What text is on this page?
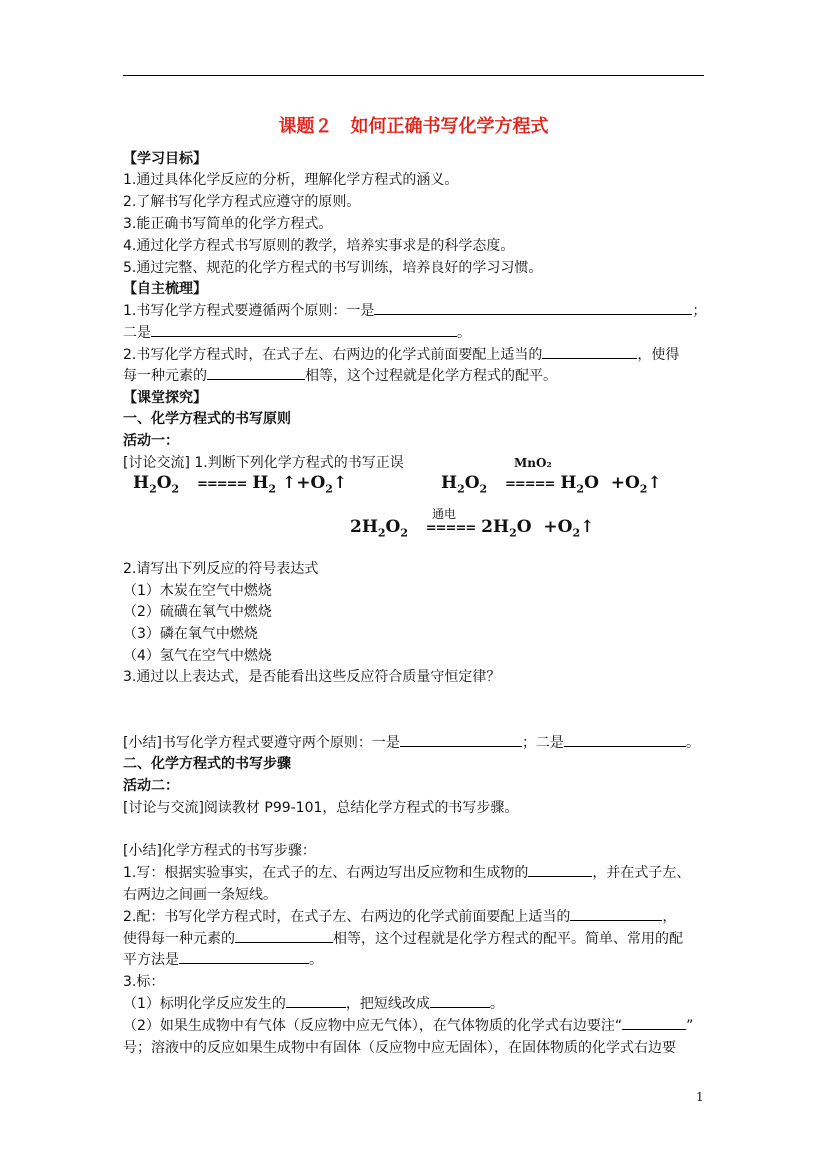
课题２　如何正确书写化学方程式
【学习目标】
1.通过具体化学反应的分析，理解化学方程式的涵义。
2.了解书写化学方程式应遵守的原则。
3.能正确书写简单的化学方程式。
4.通过化学方程式书写原则的教学，培养实事求是的科学态度。
5.通过完整、规范的化学方程式的书写训练，培养良好的学习习惯。
【自主梳理】
1.书写化学方程式要遵循两个原则：一是	；
二是	。
2.书写化学方程式时，在式子左、右两边的化学式前面要配上适当的	，使得
每一种元素的	相等，这个过程就是化学方程式的配平。
【课堂探究】
一、化学方程式的书写原则
活动一：
[讨论交流] 1.判断下列化学方程式的书写正误
$H_2O_2$ ===== $H_2$ $↑+O_2↑$
MnO₂
$H_2O_2$ ===== $H_2O$ $+O_2↑$
通电
$2H_2O_2$ ===== $2H_2O$ $+O_2↑$
2.请写出下列反应的符号表达式
（1）木炭在空气中燃烧
（2）硫磺在氧气中燃烧
（3）磷在氧气中燃烧
（4）氢气在空气中燃烧
3.通过以上表达式，是否能看出这些反应符合质量守恒定律？
[小结]书写化学方程式要遵守两个原则：一是	；二是	。
二、化学方程式的书写步骤
活动二：
[讨论与交流]阅读教材 P99-101，总结化学方程式的书写步骤。
[小结]化学方程式的书写步骤：
1.写：根据实验事实，在式子的左、右两边写出反应物和生成物的	，并在式子左、
右两边之间画一条短线。
2.配：书写化学方程式时，在式子左、右两边的化学式前面要配上适当的	，
使得每一种元素的	相等，这个过程就是化学方程式的配平。简单、常用的配
平方法是	。
3.标：
（1）标明化学反应发生的	，把短线改成	。
（2）如果生成物中有气体（反应物中应无气体），在气体物质的化学式右边要注“	”
号；溶液中的反应如果生成物中有固体（反应物中应无固体），在固体物质的化学式右边要
1
